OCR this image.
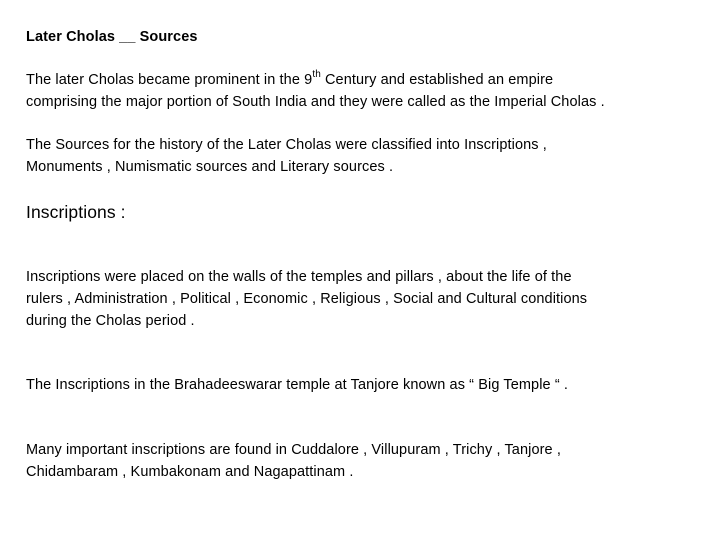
Later Cholas __ Sources

The later Cholas became prominent in the 9th Century and established an empire

comprising the major portion of South India and they were called as the Imperial Cholas .

The Sources for the history of the Later Cholas were classified into Inscriptions ,

Monuments , Numismatic sources and Literary sources .

Inscriptions :

Inscriptions were placed on the walls of the temples and pillars , about the life of the

rulers , Administration , Political , Economic , Religious , Social and Cultural conditions

during the Cholas period .

The Inscriptions in the Brahadeeswarar temple at Tanjore known as “ Big Temple “ .

Many important inscriptions are found in Cuddalore , Villupuram , Trichy , Tanjore ,

Chidambaram , Kumbakonam and Nagapattinam .
